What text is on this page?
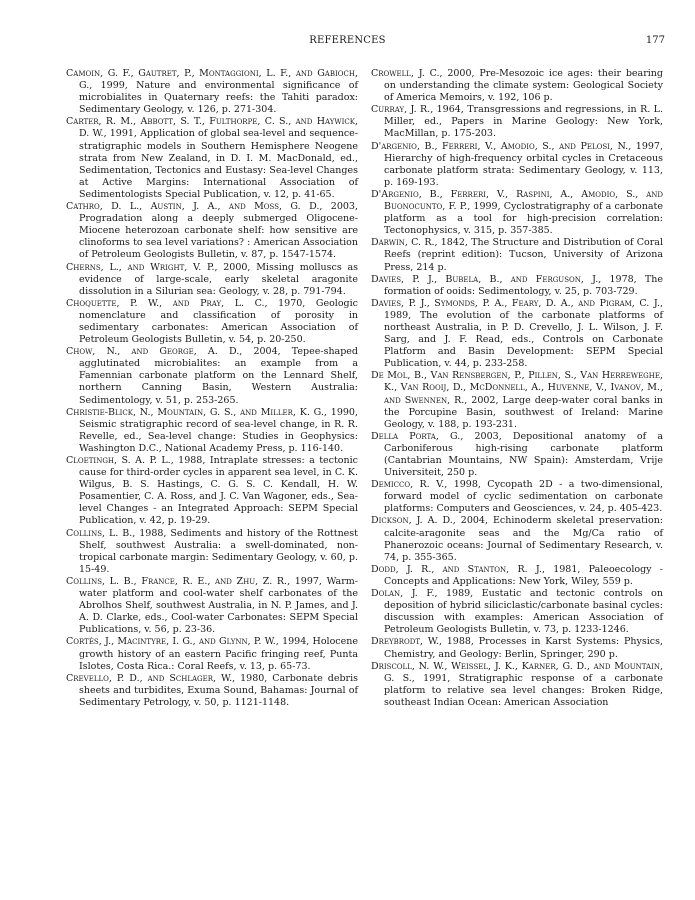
REFERENCES	177

Camoin, G. F., Gautret, P., Montaggioni, L. F., and Gabioch, G., 1999, Nature and environmental significance of microbialites in Quaternary reefs: the Tahiti paradox: Sedimentary Geology, v. 126, p. 271-304.

Carter, R. M., Abbott, S. T., Fulthorpe, C. S., and Haywick, D. W., 1991, Application of global sea-level and sequence-stratigraphic models in Southern Hemisphere Neogene strata from New Zealand, in D. I. M. MacDonald, ed., Sedimentation, Tectonics and Eustasy: Sea-level Changes at Active Margins: International Association of Sedimentologists Special Publication, v. 12, p. 41-65.

Cathro, D. L., Austin, J. A., and Moss, G. D., 2003, Progradation along a deeply submerged Oligocene-Miocene heterozoan carbonate shelf: how sensitive are clinoforms to sea level variations? : American Association of Petroleum Geologists Bulletin, v. 87, p. 1547-1574.

Cherns, L., and Wright, V. P., 2000, Missing molluscs as evidence of large-scale, early skeletal aragonite dissolution in a Silurian sea: Geology, v. 28, p. 791-794.

Choquette, P. W., and Pray, L. C., 1970, Geologic nomenclature and classification of porosity in sedimentary carbonates: American Association of Petroleum Geologists Bulletin, v. 54, p. 20-250.

Chow, N., and George, A. D., 2004, Tepee-shaped agglutinated microbialites: an example from a Famennian carbonate platform on the Lennard Shelf, northern Canning Basin, Western Australia: Sedimentology, v. 51, p. 253-265.

Christie-Blick, N., Mountain, G. S., and Miller, K. G., 1990, Seismic stratigraphic record of sea-level change, in R. R. Revelle, ed., Sea-level change: Studies in Geophysics: Washington D.C., National Academy Press, p. 116-140.

Cloetingh, S. A. P. L., 1988, Intraplate stresses: a tectonic cause for third-order cycles in apparent sea level, in C. K. Wilgus, B. S. Hastings, C. G. S. C. Kendall, H. W. Posamentier, C. A. Ross, and J. C. Van Wagoner, eds., Sea-level Changes - an Integrated Approach: SEPM Special Publication, v. 42, p. 19-29.

Collins, L. B., 1988, Sediments and history of the Rottnest Shelf, southwest Australia: a swell-dominated, non-tropical carbonate margin: Sedimentary Geology, v. 60, p. 15-49.

Collins, L. B., France, R. E., and Zhu, Z. R., 1997, Warm-water platform and cool-water shelf carbonates of the Abrolhos Shelf, southwest Australia, in N. P. James, and J. A. D. Clarke, eds., Cool-water Carbonates: SEPM Special Publications, v. 56, p. 23-36.

Cortés, J., Macintyre, I. G., and Glynn, P. W., 1994, Holocene growth history of an eastern Pacific fringing reef, Punta Islotes, Costa Rica.: Coral Reefs, v. 13, p. 65-73.

Crevello, P. D., and Schlager, W., 1980, Carbonate debris sheets and turbidites, Exuma Sound, Bahamas: Journal of Sedimentary Petrology, v. 50, p. 1121-1148.

Crowell, J. C., 2000, Pre-Mesozoic ice ages: their bearing on understanding the climate system: Geological Society of America Memoirs, v. 192, 106 p.

Curray, J. R., 1964, Transgressions and regressions, in R. L. Miller, ed., Papers in Marine Geology: New York, MacMillan, p. 175-203.

D'argenio, B., Ferreri, V., Amodio, S., and Pelosi, N., 1997, Hierarchy of high-frequency orbital cycles in Cretaceous carbonate platform strata: Sedimentary Geology, v. 113, p. 169-193.

D'Argenio, B., Ferreri, V., Raspini, A., Amodio, S., and Buonocunto, F. P., 1999, Cyclostratigraphy of a carbonate platform as a tool for high-precision correlation: Tectonophysics, v. 315, p. 357-385.

Darwin, C. R., 1842, The Structure and Distribution of Coral Reefs (reprint edition): Tucson, University of Arizona Press, 214 p.

Davies, P. J., Bubela, B., and Ferguson, J., 1978, The formation of ooids: Sedimentology, v. 25, p. 703-729.

Davies, P. J., Symonds, P. A., Feary, D. A., and Pigram, C. J., 1989, The evolution of the carbonate platforms of northeast Australia, in P. D. Crevello, J. L. Wilson, J. F. Sarg, and J. F. Read, eds., Controls on Carbonate Platform and Basin Development: SEPM Special Publication, v. 44, p. 233-258.

De Mol, B., Van Rensbergen, P., Pillen, S., Van Herreweghe, K., Van Rooij, D., McDonnell, A., Huvenne, V., Ivanov, M., and Swennen, R., 2002, Large deep-water coral banks in the Porcupine Basin, southwest of Ireland: Marine Geology, v. 188, p. 193-231.

Della Porta, G., 2003, Depositional anatomy of a Carboniferous high-rising carbonate platform (Cantabrian Mountains, NW Spain): Amsterdam, Vrije Universiteit, 250 p.

Demicco, R. V., 1998, Cycopath 2D - a two-dimensional, forward model of cyclic sedimentation on carbonate platforms: Computers and Geosciences, v. 24, p. 405-423.

Dickson, J. A. D., 2004, Echinoderm skeletal preservation: calcite-aragonite seas and the Mg/Ca ratio of Phanerozoic oceans: Journal of Sedimentary Research, v. 74, p. 355-365.

Dodd, J. R., and Stanton, R. J., 1981, Paleoecology - Concepts and Applications: New York, Wiley, 559 p.

Dolan, J. F., 1989, Eustatic and tectonic controls on deposition of hybrid siliciclastic/carbonate basinal cycles: discussion with examples: American Association of Petroleum Geologists Bulletin, v. 73, p. 1233-1246.

Dreybrodt, W., 1988, Processes in Karst Systems: Physics, Chemistry, and Geology: Berlin, Springer, 290 p.

Driscoll, N. W., Weissel, J. K., Karner, G. D., and Mountain, G. S., 1991, Stratigraphic response of a carbonate platform to relative sea level changes: Broken Ridge, southeast Indian Ocean: American Association
